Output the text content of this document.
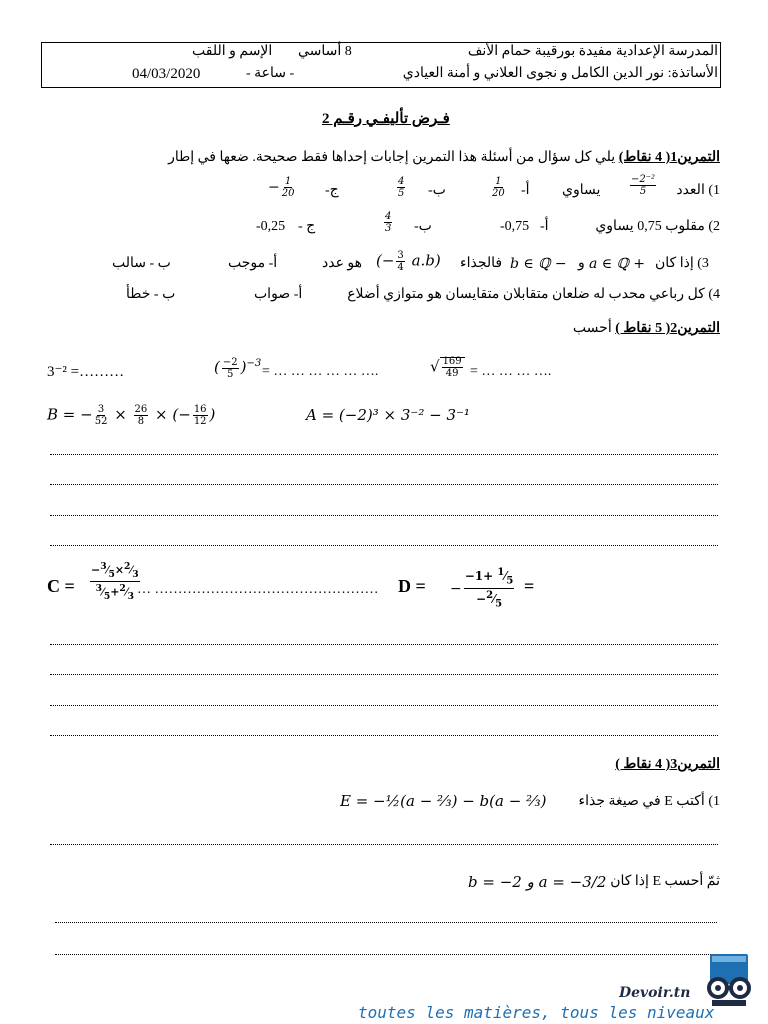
المدرسة الإعدادية مفيدة بورقيبة حمام الأنف
8 أساسي
الإسم و اللقب
الأساتذة: نور الدين الكامل و نجوى العلاني و أمنة العيادي
- ساعة -
04/03/2020
فـرض تأليفـي رقـم 2
التمرين1( 4 نقاط) يلي كل سؤال من أسئلة هذا التمرين إجابات إحداها فقط صحيحة. ضعها في إطار
1) العدد
$\frac{\text{−2⁻²}}{5}$
يساوي
أ-
$\frac{1}{20}$
ب-
$\frac{4}{5}$
ج-
− $\frac{1}{20}$
2) مقلوب 0,75 يساوي
أ-
-0,75
ب-
$\frac{4}{3}$
ج -
-0,25
3) إذا كان
a ∈ ℚ +
و
b ∈ ℚ −
فالجذاء
(− $\frac{3}{4} a.b$)
هو عدد
أ- موجب
ب - سالب
4) كل رباعي محدب له ضلعان متقابلان متقايسان هو متوازي أضلاع
أ- صواب
ب - خطأ
التمرين2( 5 نقاط ) أحسب
3⁻² =………	( $\frac{-2}{5} )^{-3}$
= … … … … … ….	√ $\frac{169}{49}$ = … … … ….
B = − $\frac{3}{52} \times \frac{26}{8}$ × (− $\frac{16}{12}$ )	A = (−2)³ × 3⁻² − 3⁻¹
$C = \frac{-^3⁄_5\times^2⁄_3}{^3⁄_5+^2⁄_3}$
… ………………………………………… D = − $\frac{-1+ ^1⁄_5}{-^2⁄_5}$ =
التمرين3( 4 نقاط )
1) أكتب E في صيغة جذاء
E = −½(a − ⅔) − b(a − ⅔)
ثمّ أحسب E إذا كان
b = −2 و a = −3/2
Devoir.tn
toutes les matières, tous les niveaux
